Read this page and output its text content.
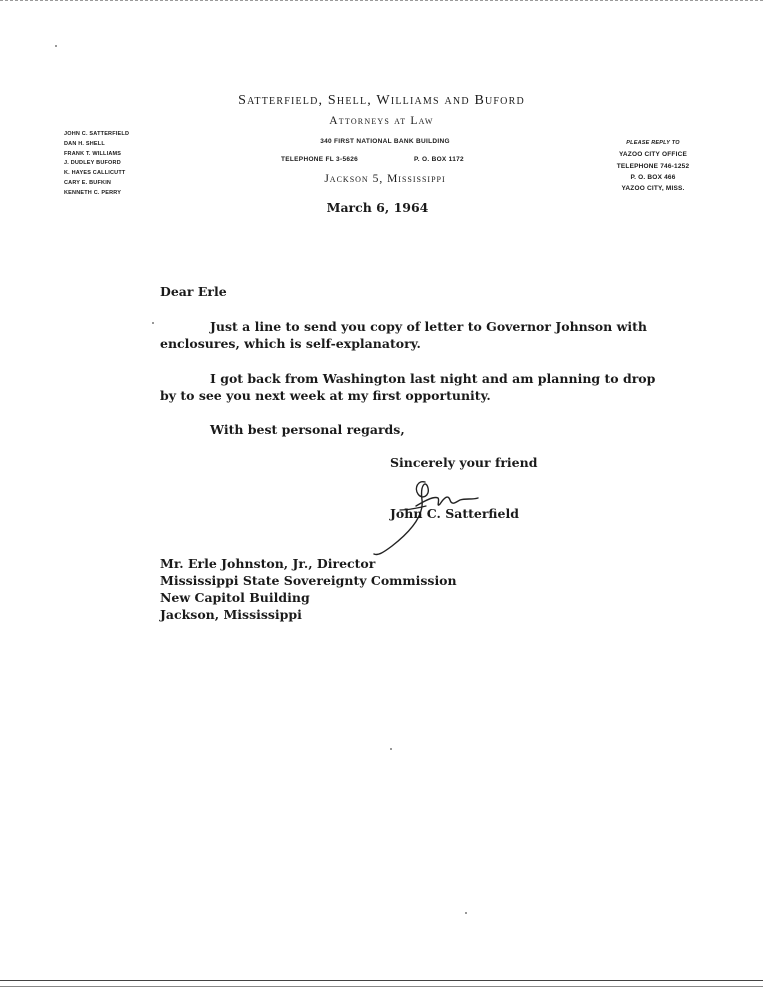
Satterfield, Shell, Williams and Buford
Attorneys at Law
340 FIRST NATIONAL BANK BUILDING
TELEPHONE FL 3-5626	P. O. BOX 1172
Jackson 5, Mississippi
March 6, 1964
JOHN C. SATTERFIELD
DAN H. SHELL
FRANK T. WILLIAMS
J. DUDLEY BUFORD
K. HAYES CALLICUTT
CARY E. BUFKIN
KENNETH C. PERRY
PLEASE REPLY TO
YAZOO CITY OFFICE
TELEPHONE 746-1252
P. O. BOX 466
YAZOO CITY, MISS.
Dear Erle
Just a line to send you copy of letter to Governor Johnson with
enclosures, which is self-explanatory.
I got back from Washington last night and am planning to drop
by to see you next week at my first opportunity.
With best personal regards,
Sincerely your friend
John C. Satterfield
Mr. Erle Johnston, Jr., Director
Mississippi State Sovereignty Commission
New Capitol Building
Jackson, Mississippi
